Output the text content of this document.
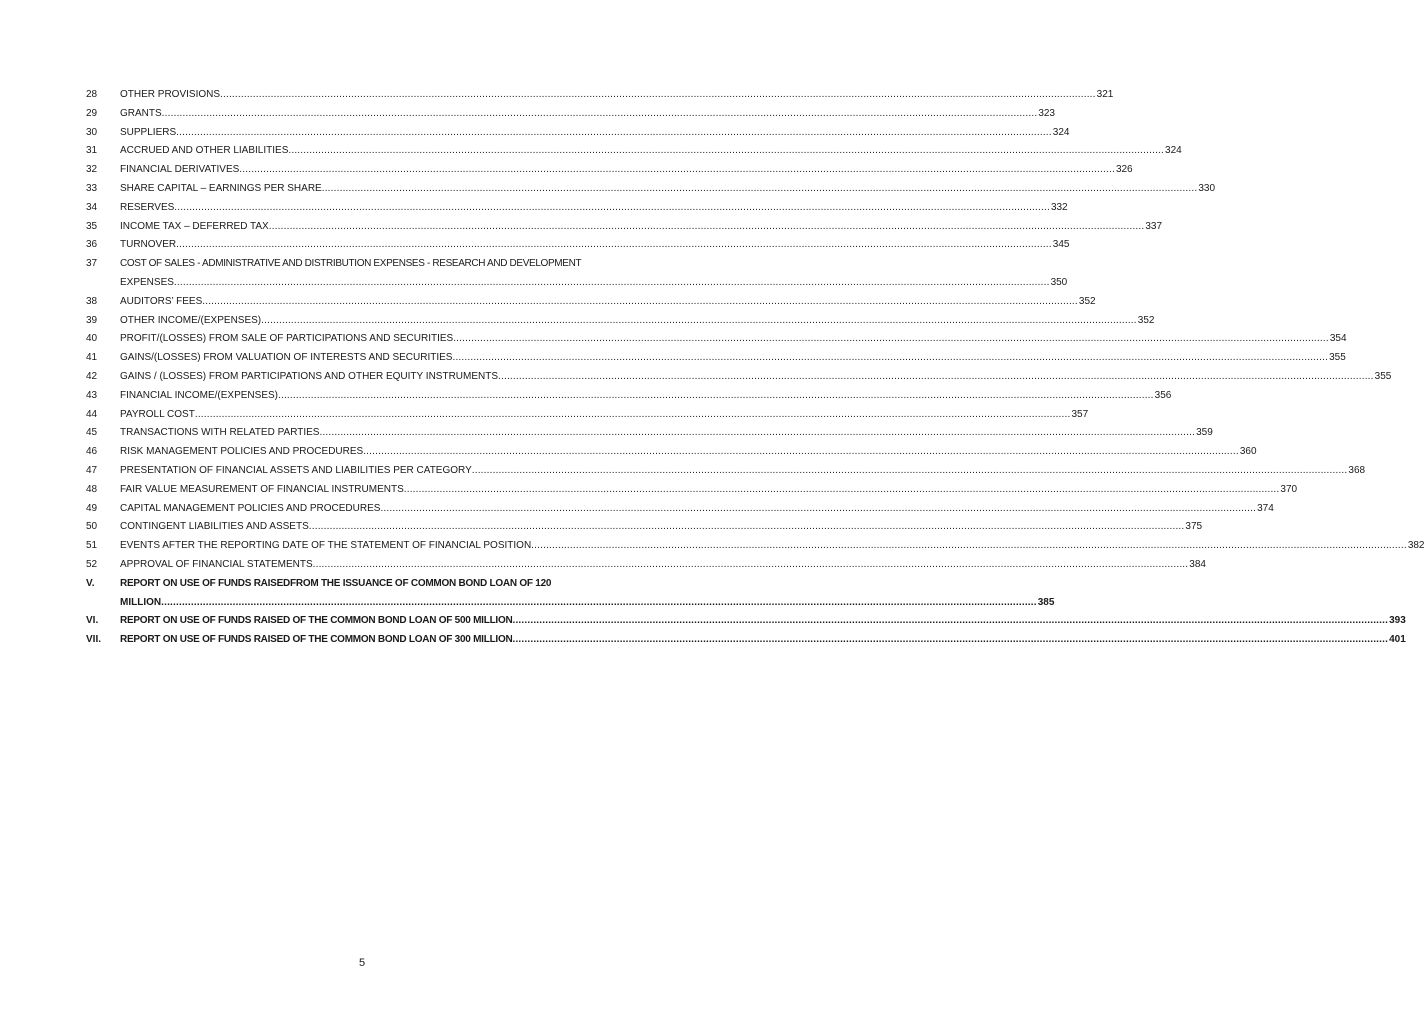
28	OTHER PROVISIONS .....	321
29	GRANTS .....	323
30	SUPPLIERS .....	324
31	ACCRUED AND OTHER LIABILITIES .....	324
32	FINANCIAL DERIVATIVES .....	326
33	SHARE CAPITAL – EARNINGS PER SHARE .....	330
34	RESERVES .....	332
35	INCOME TAX – DEFERRED TAX .....	337
36	TURNOVER .....	345
37	COST OF SALES - ADMINISTRATIVE AND DISTRIBUTION EXPENSES - RESEARCH AND DEVELOPMENT
EXPENSES .....	350
38	AUDITORS’ FEES .....	352
39	OTHER INCOME/(EXPENSES) .....	352
40	PROFIT/(LOSSES) FROM SALE OF PARTICIPATIONS AND SECURITIES .....	354
41	GAINS/(LOSSES) FROM VALUATION OF INTERESTS AND SECURITIES .....	355
42	GAINS / (LOSSES) FROM PARTICIPATIONS AND OTHER EQUITY INSTRUMENTS .....	355
43	FINANCIAL INCOME/(EXPENSES) .....	356
44	PAYROLL COST .....	357
45	TRANSACTIONS WITH RELATED PARTIES .....	359
46	RISK MANAGEMENT POLICIES AND PROCEDURES .....	360
47	PRESENTATION OF FINANCIAL ASSETS AND LIABILITIES PER CATEGORY .....	368
48	FAIR VALUE MEASUREMENT OF FINANCIAL INSTRUMENTS .....	370
49	CAPITAL MANAGEMENT POLICIES AND PROCEDURES .....	374
50	CONTINGENT LIABILITIES AND ASSETS .....	375
51	EVENTS AFTER THE REPORTING DATE OF THE STATEMENT OF FINANCIAL POSITION .....	382
52	APPROVAL OF FINANCIAL STATEMENTS .....	384
V.	REPORT ON USE OF FUNDS RAISEDFROM THE ISSUANCE OF COMMON BOND LOAN OF 120
MILLION .....	385
VI.	REPORT ON USE OF FUNDS RAISED OF THE COMMON BOND LOAN OF 500 MILLION .....	393
VII.	REPORT ON USE OF FUNDS RAISED OF THE COMMON BOND LOAN OF 300 MILLION .....	401
5
